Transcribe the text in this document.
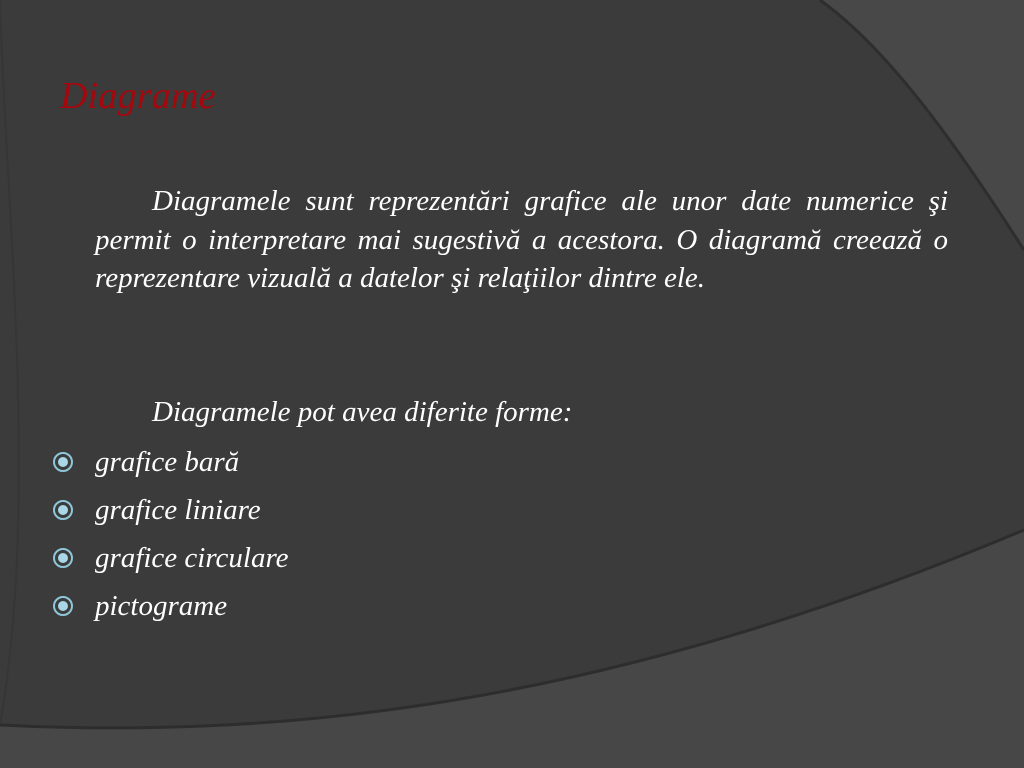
Diagrame

Diagramele sunt reprezentări grafice ale unor date numerice şi permit o interpretare mai sugestivă a acestora. O diagramă creează o reprezentare vizuală a datelor şi relaţiilor dintre ele.

Diagramele pot avea diferite forme:

grafice bară
grafice liniare
grafice circulare
pictograme
